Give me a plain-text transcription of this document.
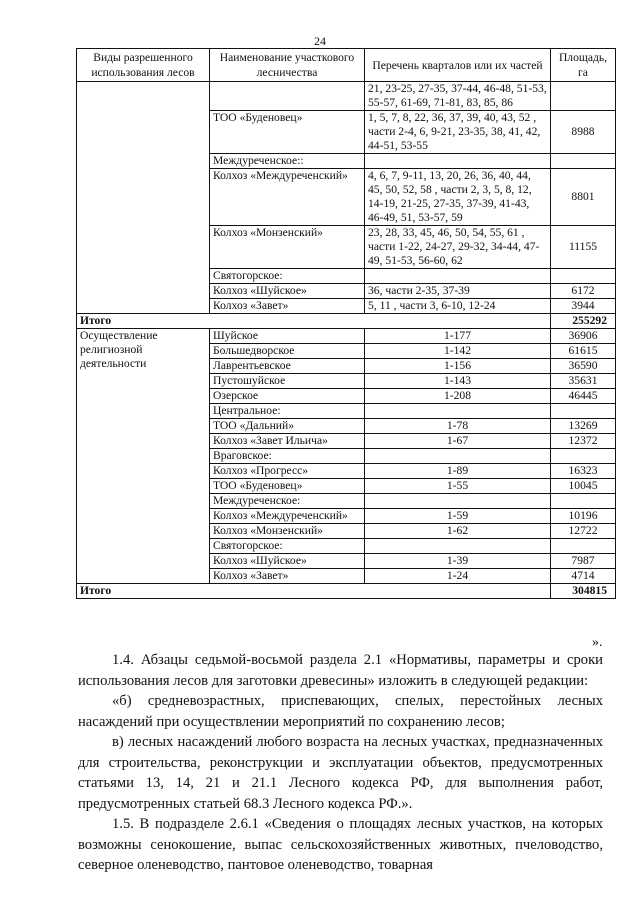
24
Виды разрешенного использования лесов	Наименование участкового лесничества	Перечень кварталов или их частей	Площадь, га
		21, 23-25, 27-35, 37-44, 46-48, 51-53, 55-57, 61-69, 71-81, 83, 85, 86	
	ТОО «Буденовец»	1, 5, 7, 8, 22, 36, 37, 39, 40, 43, 52 , части 2-4, 6, 9-21, 23-35, 38, 41, 42, 44-51, 53-55	8988
	Междуреченское::		
	Колхоз «Междуреченский»	4, 6, 7, 9-11, 13, 20, 26, 36, 40, 44, 45, 50, 52, 58 , части 2, 3, 5, 8, 12, 14-19, 21-25, 27-35, 37-39, 41-43, 46-49, 51, 53-57, 59	8801
	Колхоз «Монзенский»	23, 28, 33, 45, 46, 50, 54, 55, 61 , части 1-22, 24-27, 29-32, 34-44, 47-49, 51-53, 56-60, 62	11155
	Святогорское:		
	Колхоз «Шуйское»	36, части 2-35, 37-39	6172
	Колхоз «Завет»	5, 11 , части 3, 6-10, 12-24	3944
Итого			255292
Осуществление религиозной деятельности	Шуйское	1-177	36906
	Большедворское	1-142	61615
	Лаврентьевское	1-156	36590
	Пустошуйское	1-143	35631
	Озерское	1-208	46445
	Центральное:		
	ТОО «Дальний»	1-78	13269
	Колхоз «Завет Ильича»	1-67	12372
	Враговское:		
	Колхоз «Прогресс»	1-89	16323
	ТОО «Буденовец»	1-55	10045
	Междуреченское:		
	Колхоз «Междуреченский»	1-59	10196
	Колхоз «Монзенский»	1-62	12722
	Святогорское:		
	Колхоз «Шуйское»	1-39	7987
	Колхоз «Завет»	1-24	4714
Итого			304815
».

1.4. Абзацы седьмой-восьмой раздела 2.1 «Нормативы, параметры и сроки использования лесов для заготовки древесины» изложить в следующей редакции:

«б) средневозрастных, приспевающих, спелых, перестойных лесных насаждений при осуществлении мероприятий по сохранению лесов;

в) лесных насаждений любого возраста на лесных участках, предназначенных для строительства, реконструкции и эксплуатации объектов, предусмотренных статьями 13, 14, 21 и 21.1 Лесного кодекса РФ, для выполнения работ, предусмотренных статьей 68.3 Лесного кодекса РФ.».

1.5. В подразделе 2.6.1 «Сведения о площадях лесных участков, на которых возможны сенокошение, выпас сельскохозяйственных животных, пчеловодство, северное оленеводство, пантовое оленеводство, товарная
